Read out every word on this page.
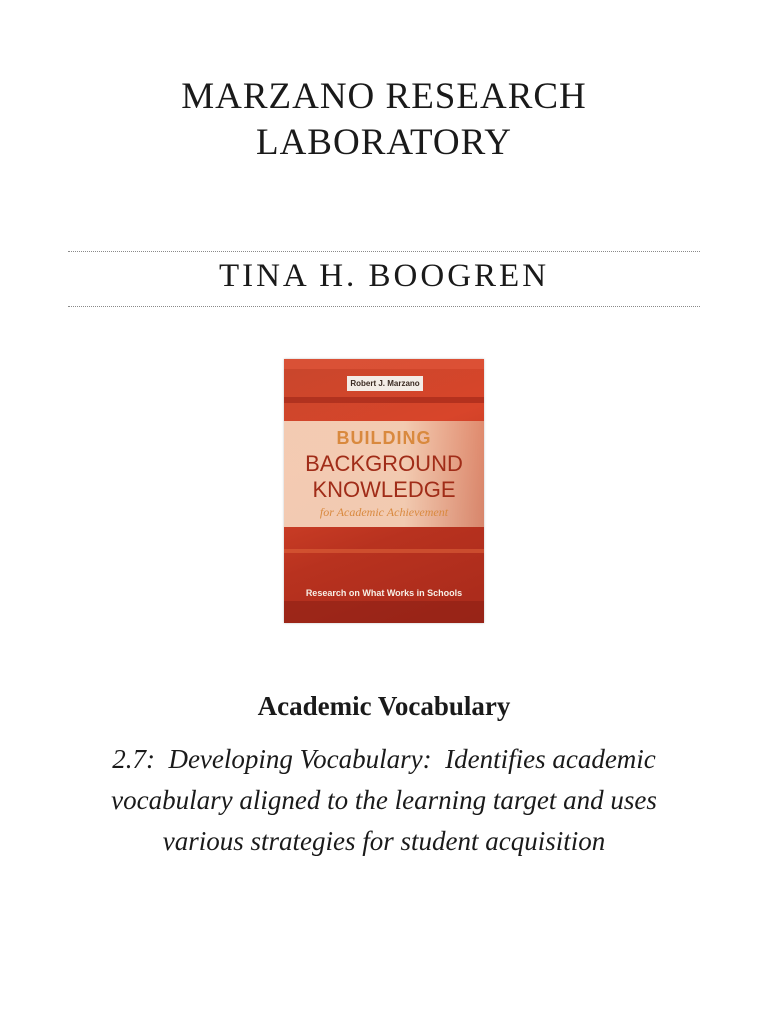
MARZANO RESEARCH
LABORATORY
TINA H. BOOGREN
Robert J. Marzano
BUILDING
BACKGROUND
KNOWLEDGE
for Academic Achievement
Research on What Works in Schools
Academic Vocabulary

2.7:  Developing Vocabulary:  Identifies academic vocabulary aligned to the learning target and uses various strategies for student acquisition
